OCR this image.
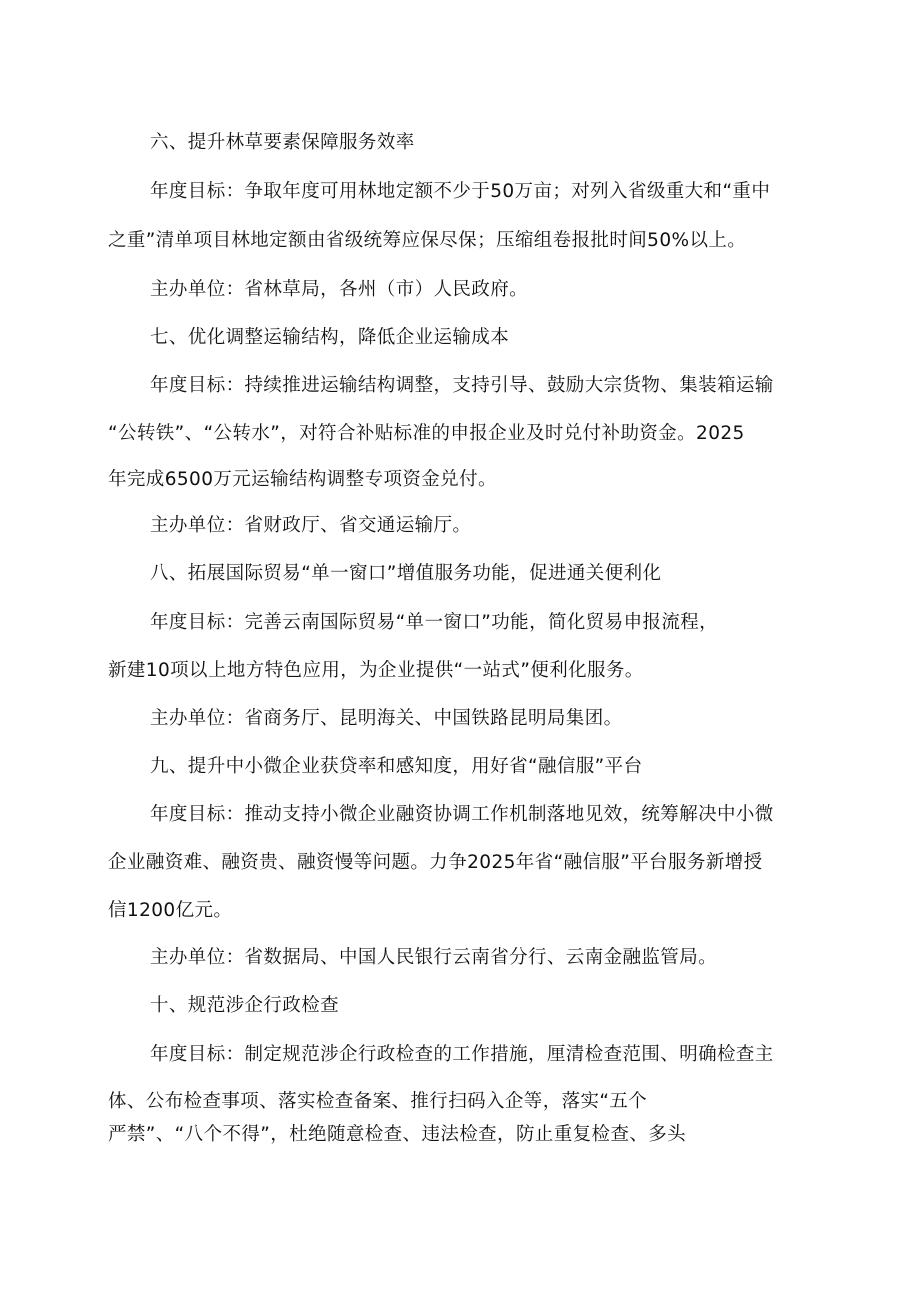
六、提升林草要素保障服务效率
年度目标：争取年度可用林地定额不少于50万亩；对列入省级重大和“重中
之重”清单项目林地定额由省级统筹应保尽保；压缩组卷报批时间50%以上。
主办单位：省林草局，各州（市）人民政府。
七、优化调整运输结构，降低企业运输成本
年度目标：持续推进运输结构调整，支持引导、鼓励大宗货物、集装箱运输
“公转铁”、“公转水”，对符合补贴标准的申报企业及时兑付补助资金。2025
年完成6500万元运输结构调整专项资金兑付。
主办单位：省财政厅、省交通运输厅。
八、拓展国际贸易“单一窗口”增值服务功能，促进通关便利化
年度目标：完善云南国际贸易“单一窗口”功能，简化贸易申报流程，
新建10项以上地方特色应用，为企业提供“一站式”便利化服务。
主办单位：省商务厅、昆明海关、中国铁路昆明局集团。
九、提升中小微企业获贷率和感知度，用好省“融信服”平台
年度目标：推动支持小微企业融资协调工作机制落地见效，统筹解决中小微
企业融资难、融资贵、融资慢等问题。力争2025年省“融信服”平台服务新增授
信1200亿元。
主办单位：省数据局、中国人民银行云南省分行、云南金融监管局。
十、规范涉企行政检查
年度目标：制定规范涉企行政检查的工作措施，厘清检查范围、明确检查主
体、公布检查事项、落实检查备案、推行扫码入企等，落实“五个
严禁”、“八个不得”，杜绝随意检查、违法检查，防止重复检查、多头
